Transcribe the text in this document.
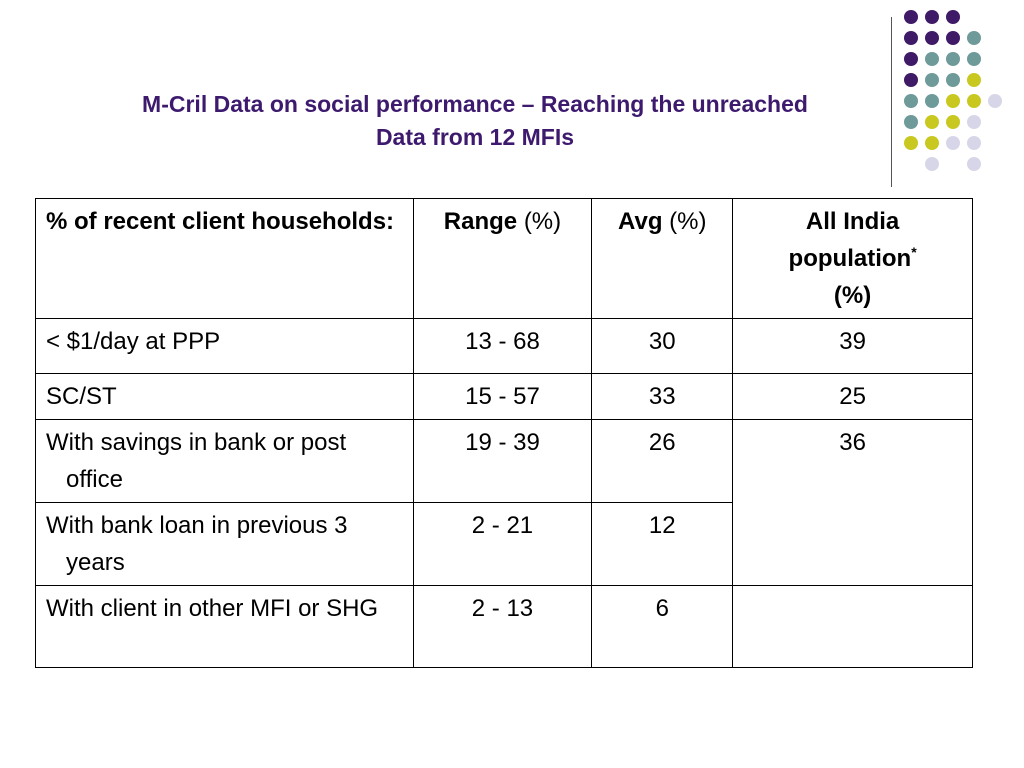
M-Cril Data on social performance – Reaching the unreached
Data from 12 MFIs
% of recent client households:	Range (%)	Avg (%)	All India population*
(%)

< $1/day at PPP	13 - 68	30	39

SC/ST	15 - 57	33	25

With savings in bank or post office	19 - 39	26	36

With bank loan in previous 3 years	2 - 21	12	

With client in other MFI or SHG	2 - 13	6	
